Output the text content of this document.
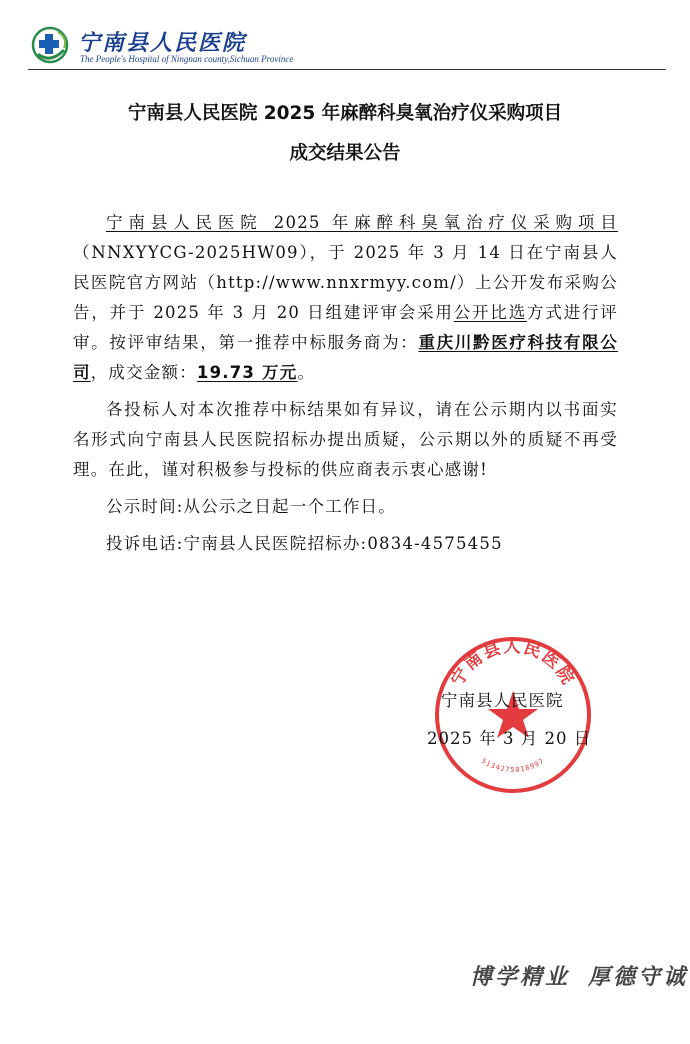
宁南县人民医院
The People's Hospital of Ningnan county,Sichuan Province
宁南县人民医院 2025 年麻醉科臭氧治疗仪采购项目
成交结果公告

宁南县人民医院 2025 年麻醉科臭氧治疗仪采购项目（NNXYYCG-2025HW09），于 2025 年 3 月 14 日在宁南县人民医院官方网站（http://www.nnxrmyy.com/）上公开发布采购公告，并于 2025 年 3 月 20 日组建评审会采用公开比选方式进行评审。按评审结果，第一推荐中标服务商为：重庆川黔医疗科技有限公司，成交金额：19.73 万元。

各投标人对本次推荐中标结果如有异议，请在公示期内以书面实名形式向宁南县人民医院招标办提出质疑，公示期以外的质疑不再受理。在此，谨对积极参与投标的供应商表示衷心感谢!

公示时间:从公示之日起一个工作日。

投诉电话:宁南县人民医院招标办:0834-4575455

宁南县人民医院
5134275018997
宁南县人民医院
2025 年 3 月 20 日
博学精业 厚德守诚
